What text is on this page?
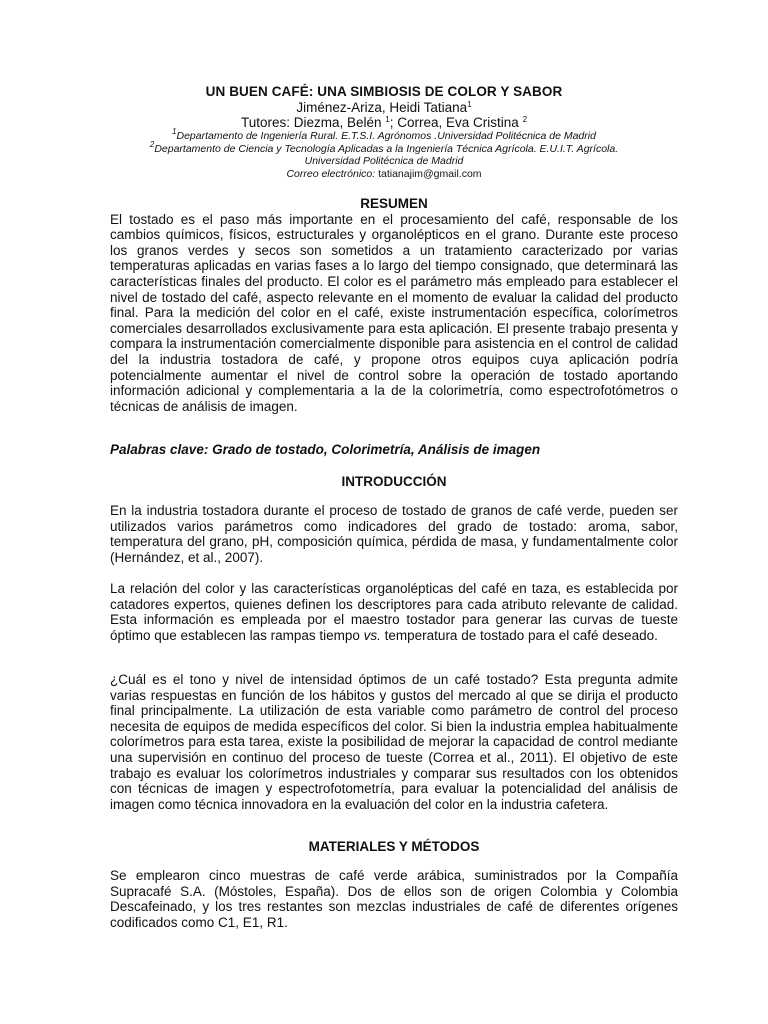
UN BUEN CAFÉ: UNA SIMBIOSIS DE COLOR Y SABOR
Jiménez-Ariza, Heidi Tatiana$^1$
Tutores: Diezma, Belén $^1$; Correa, Eva Cristina $^2$
$^1$Departamento de Ingeniería Rural. E.T.S.I. Agrónomos .Universidad Politécnica de Madrid
$^2$Departamento de Ciencia y Tecnología Aplicadas a la Ingeniería Técnica Agrícola. E.U.I.T. Agrícola.
Universidad Politécnica de Madrid
Correo electrónico: tatianajim@gmail.com
RESUMEN
El tostado es el paso más importante en el procesamiento del café, responsable de los cambios químicos, físicos, estructurales y organolépticos en el grano. Durante este proceso los granos verdes y secos son sometidos a un tratamiento caracterizado por varias temperaturas aplicadas en varias fases a lo largo del tiempo consignado, que determinará las características finales del producto. El color es el parámetro más empleado para establecer el nivel de tostado del café, aspecto relevante en el momento de evaluar la calidad del producto final. Para la medición del color en el café, existe instrumentación específica, colorímetros comerciales desarrollados exclusivamente para esta aplicación. El presente trabajo presenta y compara la instrumentación comercialmente disponible para asistencia en el control de calidad del la industria tostadora de café, y propone otros equipos cuya aplicación podría potencialmente aumentar el nivel de control sobre la operación de tostado aportando información adicional y complementaria a la de la colorimetría, como espectrofotómetros o técnicas de análisis de imagen.
Palabras clave: Grado de tostado, Colorimetría, Análisis de imagen
INTRODUCCIÓN
En la industria tostadora durante el proceso de tostado de granos de café verde, pueden ser utilizados varios parámetros como indicadores del grado de tostado: aroma, sabor, temperatura del grano, pH, composición química, pérdida de masa, y fundamentalmente color (Hernández, et al., 2007).
La relación del color y las características organolépticas del café en taza, es establecida por catadores expertos, quienes definen los descriptores para cada atributo relevante de calidad. Esta información es empleada por el maestro tostador para generar las curvas de tueste óptimo que establecen las rampas tiempo vs. temperatura de tostado para el café deseado.
¿Cuál es el tono y nivel de intensidad óptimos de un café tostado? Esta pregunta admite varias respuestas en función de los hábitos y gustos del mercado al que se dirija el producto final principalmente. La utilización de esta variable como parámetro de control del proceso necesita de equipos de medida específicos del color. Si bien la industria emplea habitualmente colorímetros para esta tarea, existe la posibilidad de mejorar la capacidad de control mediante una supervisión en continuo del proceso de tueste (Correa et al., 2011). El objetivo de este trabajo es evaluar los colorímetros industriales y comparar sus resultados con los obtenidos con técnicas de imagen y espectrofotometría, para evaluar la potencialidad del análisis de imagen como técnica innovadora en la evaluación del color en la industria cafetera.
MATERIALES Y MÉTODOS
Se emplearon cinco muestras de café verde arábica, suministrados por la Compañía Supracafé S.A. (Móstoles, España). Dos de ellos son de origen Colombia y Colombia Descafeinado, y los tres restantes son mezclas industriales de café de diferentes orígenes codificados como C1, E1, R1.
